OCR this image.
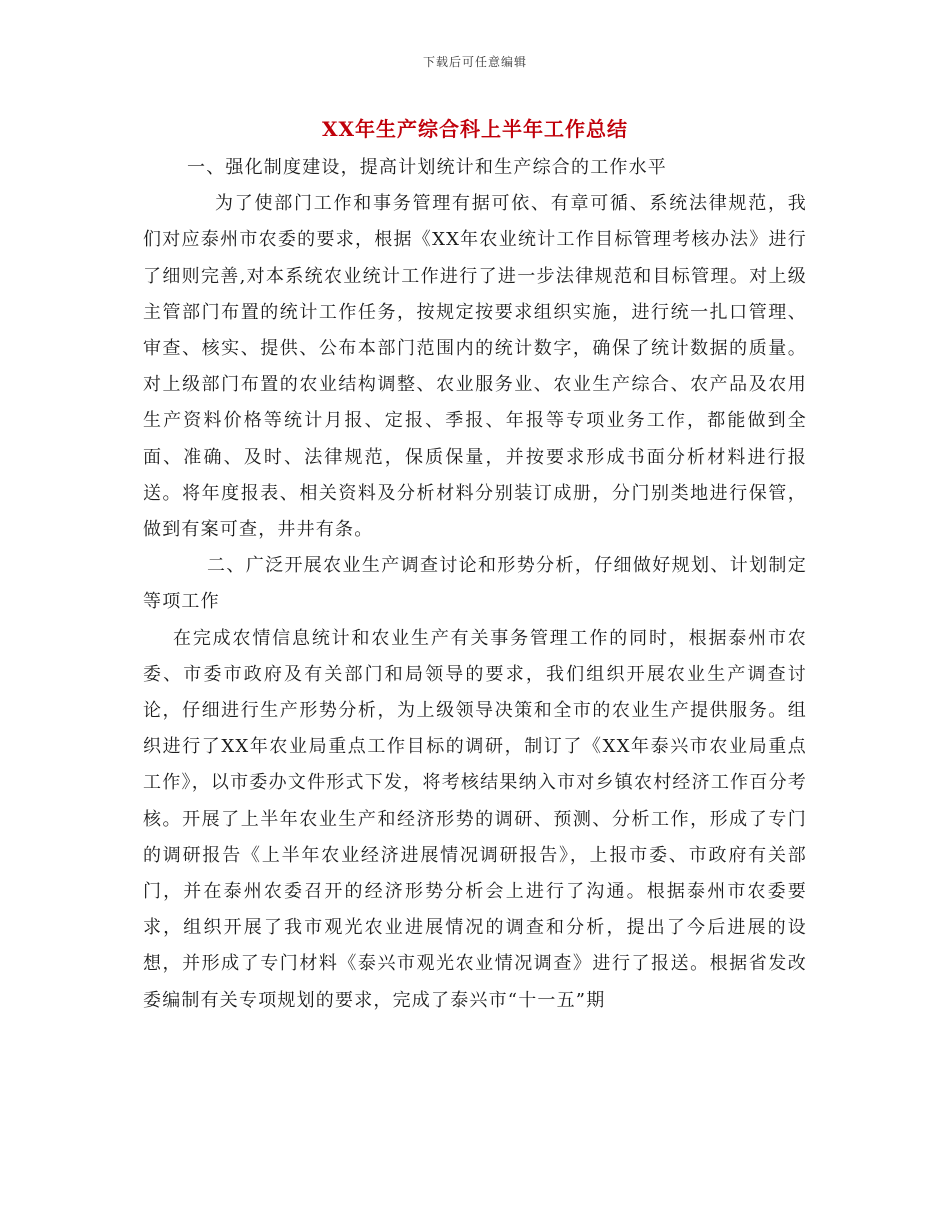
下载后可任意编辑
XX年生产综合科上半年工作总结

一、强化制度建设，提高计划统计和生产综合的工作水平

为了使部门工作和事务管理有据可依、有章可循、系统法律规范，我们对应泰州市农委的要求，根据《XX年农业统计工作目标管理考核办法》进行了细则完善,对本系统农业统计工作进行了进一步法律规范和目标管理。对上级主管部门布置的统计工作任务，按规定按要求组织实施，进行统一扎口管理、审查、核实、提供、公布本部门范围内的统计数字，确保了统计数据的质量。对上级部门布置的农业结构调整、农业服务业、农业生产综合、农产品及农用生产资料价格等统计月报、定报、季报、年报等专项业务工作，都能做到全面、准确、及时、法律规范，保质保量，并按要求形成书面分析材料进行报送。将年度报表、相关资料及分析材料分别装订成册，分门别类地进行保管，做到有案可查，井井有条。

二、广泛开展农业生产调查讨论和形势分析，仔细做好规划、计划制定等项工作

在完成农情信息统计和农业生产有关事务管理工作的同时，根据泰州市农委、市委市政府及有关部门和局领导的要求，我们组织开展农业生产调查讨论，仔细进行生产形势分析，为上级领导决策和全市的农业生产提供服务。组织进行了XX年农业局重点工作目标的调研，制订了《XX年泰兴市农业局重点工作》，以市委办文件形式下发，将考核结果纳入市对乡镇农村经济工作百分考核。开展了上半年农业生产和经济形势的调研、预测、分析工作，形成了专门的调研报告《上半年农业经济进展情况调研报告》，上报市委、市政府有关部门，并在泰州农委召开的经济形势分析会上进行了沟通。根据泰州市农委要求，组织开展了我市观光农业进展情况的调查和分析，提出了今后进展的设想，并形成了专门材料《泰兴市观光农业情况调查》进行了报送。根据省发改委编制有关专项规划的要求，完成了泰兴市“十一五”期
